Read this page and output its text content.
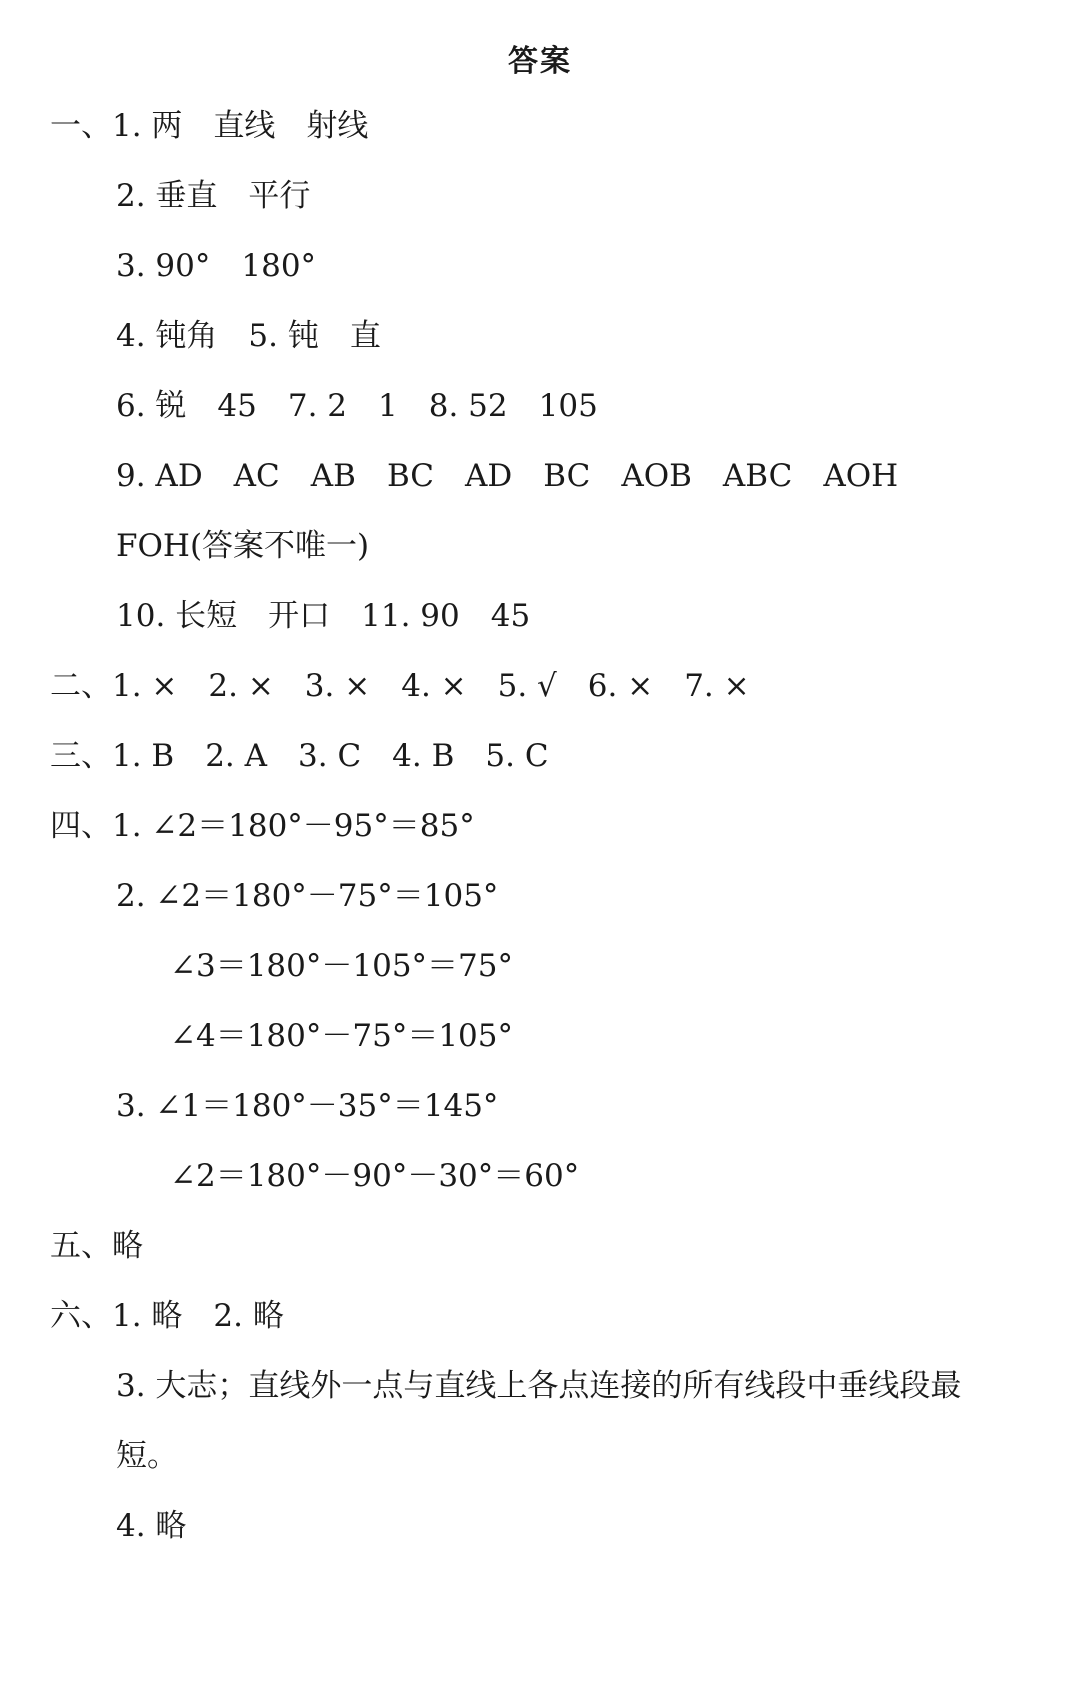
答案
一、1. 两　直线　射线
2. 垂直　平行
3. 90°　180°
4. 钝角　5. 钝　直
6. 锐　45　7. 2　1　8. 52　105
9. AD　AC　AB　BC　AD　BC　AOB　ABC　AOH
FOH(答案不唯一)
10. 长短　开口　11. 90　45
二、1. ×　2. ×　3. ×　4. ×　5. √　6. ×　7. ×
三、1. B　2. A　3. C　4. B　5. C
四、1. ∠2＝180°－95°＝85°
2. ∠2＝180°－75°＝105°
∠3＝180°－105°＝75°
∠4＝180°－75°＝105°
3. ∠1＝180°－35°＝145°
∠2＝180°－90°－30°＝60°
五、略
六、1. 略　2. 略
3. 大志；直线外一点与直线上各点连接的所有线段中垂线段最
短。
4. 略
